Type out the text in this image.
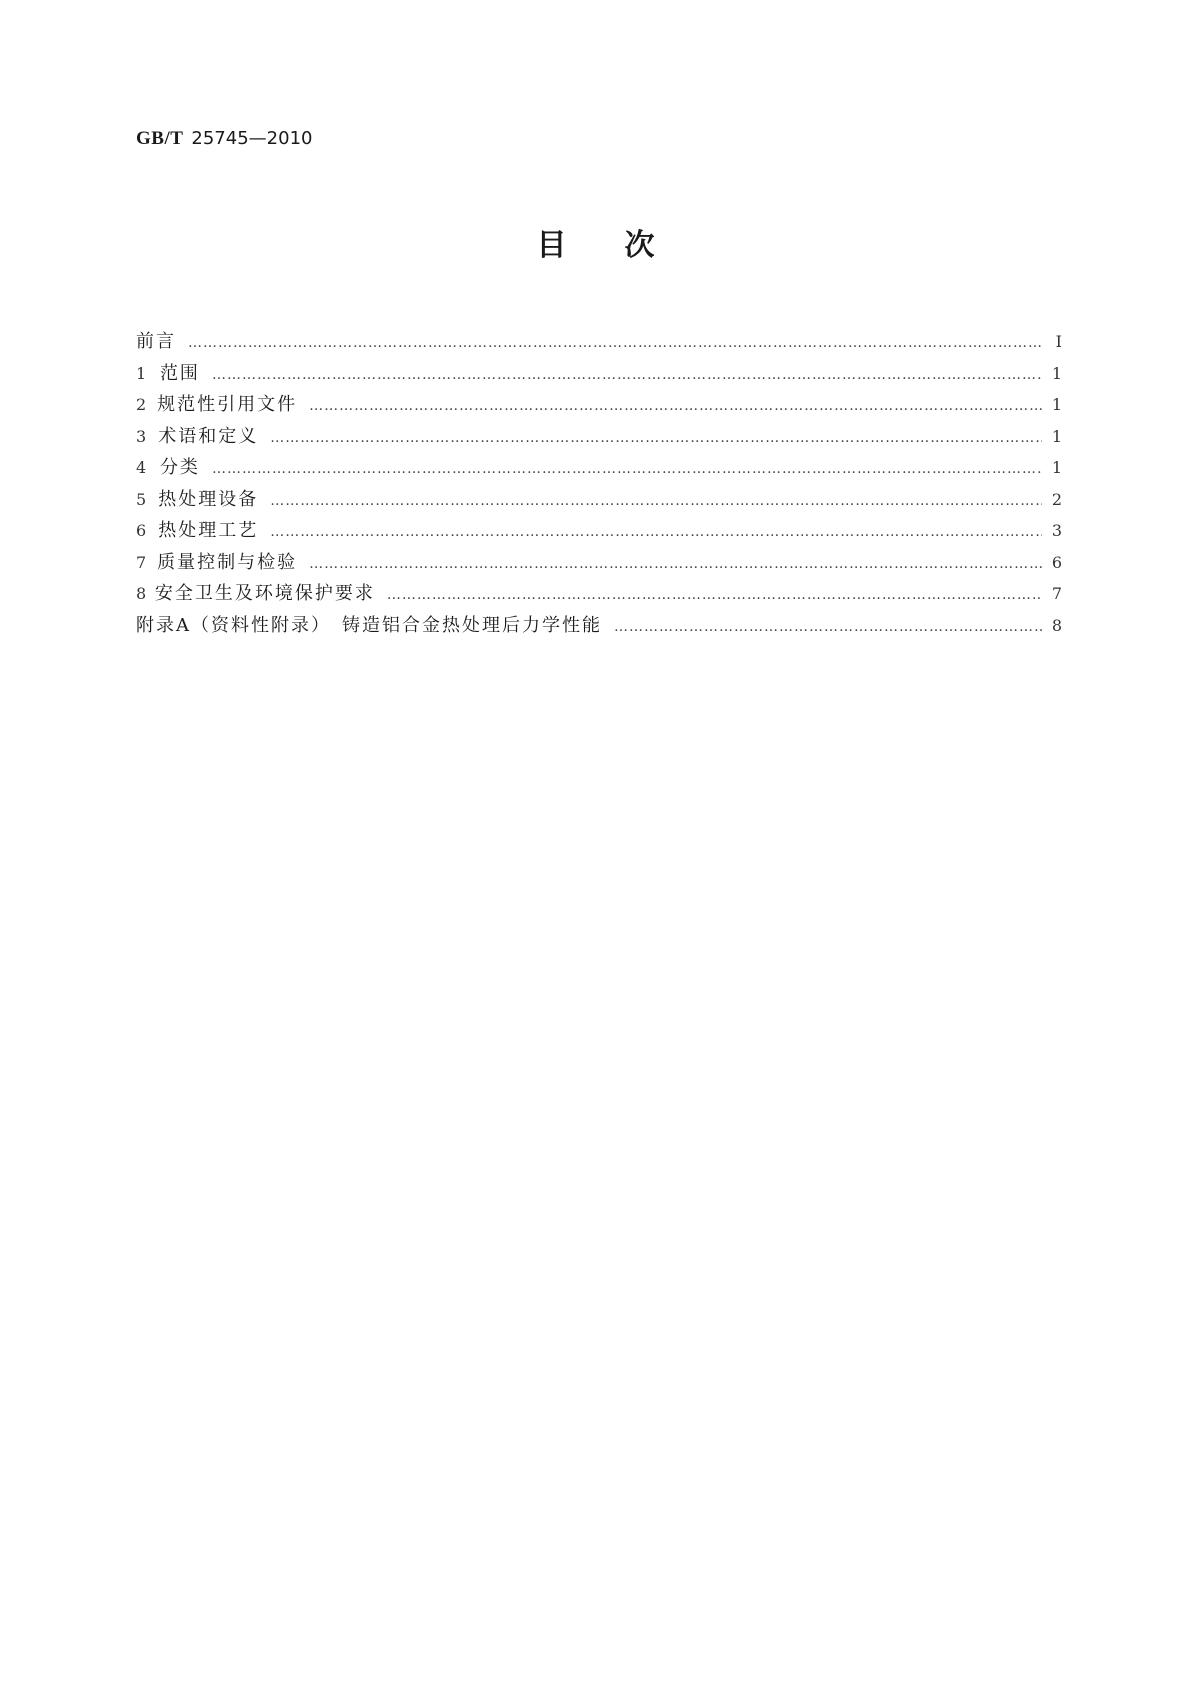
GB/T 25745—2010
目次
前言 ……………………………………………………………………………………………………………………………………………………………………………………………………	Ⅰ
1 范围 ……………………………………………………………………………………………………………………………………………………………………………………………………	1
2 规范性引用文件 ……………………………………………………………………………………………………………………………………………………………………………………………………	1
3 术语和定义 ……………………………………………………………………………………………………………………………………………………………………………………………………	1
4 分类 ……………………………………………………………………………………………………………………………………………………………………………………………………	1
5 热处理设备 ……………………………………………………………………………………………………………………………………………………………………………………………………	2
6 热处理工艺 ……………………………………………………………………………………………………………………………………………………………………………………………………	3
7 质量控制与检验 ……………………………………………………………………………………………………………………………………………………………………………………………………	6
8 安全卫生及环境保护要求 ……………………………………………………………………………………………………………………………………………………………………………………………………	7
附录A（资料性附录）　铸造铝合金热处理后力学性能 ……………………………………………………………………………………………………………………………………………………………………………………………………	8
